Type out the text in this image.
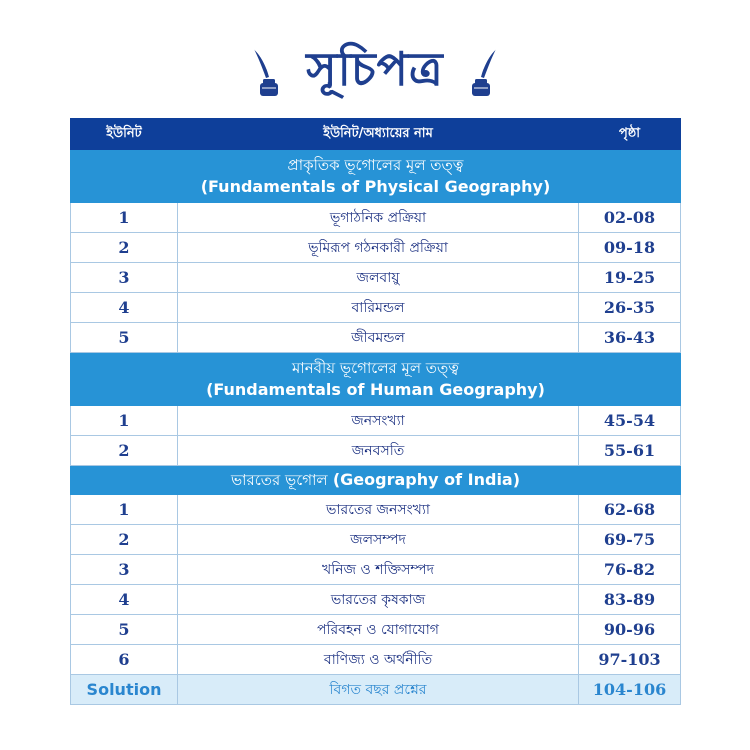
সূচিপত্র
ইউনিট	ইউনিট/অধ্যায়ের নাম	পৃষ্ঠা

প্রাকৃতিক ভূগোলের মূল তত্ত্ব
(Fundamentals of Physical Geography)		

1	ভূগাঠনিক প্রক্রিয়া	02-08
2	ভূমিরূপ গঠনকারী প্রক্রিয়া	09-18
3	জলবায়ু	19-25
4	বারিমন্ডল	26-35
5	জীবমন্ডল	36-43

মানবীয় ভূগোলের মূল তত্ত্ব
(Fundamentals of Human Geography)		

1	জনসংখ্যা	45-54
2	জনবসতি	55-61
ভারতের ভূগোল (Geography of India)		
1	ভারতের জনসংখ্যা	62-68
2	জলসম্পদ	69-75
3	খনিজ ও শক্তিসম্পদ	76-82
4	ভারতের কৃষকাজ	83-89
5	পরিবহন ও যোগাযোগ	90-96
6	বাণিজ্য ও অর্থনীতি	97-103
Solution	বিগত বছর প্রশ্নের	104-106
